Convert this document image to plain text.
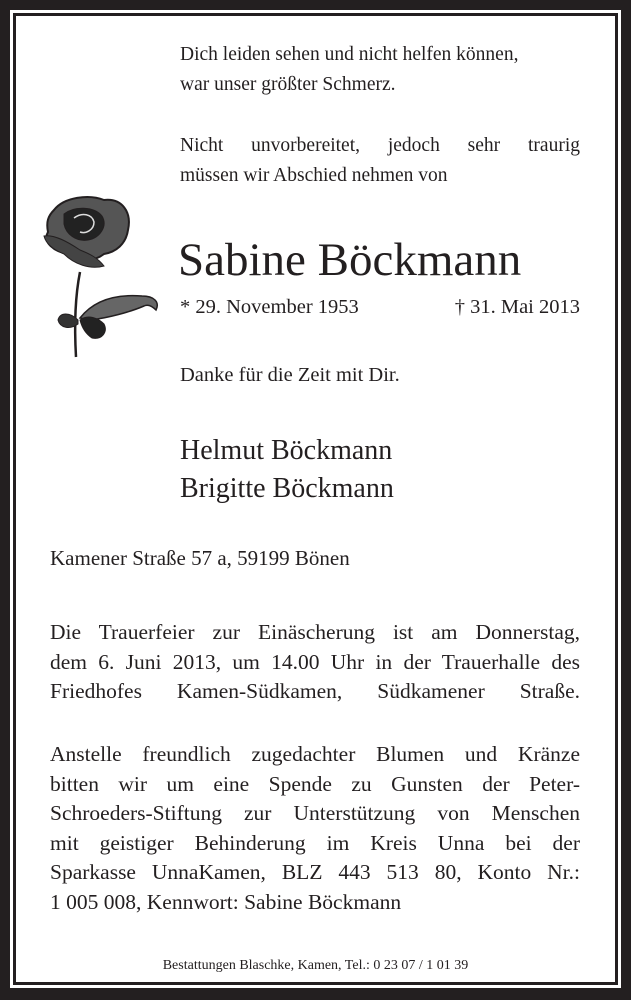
Dich leiden sehen und nicht helfen können,
war unser größter Schmerz.
Nicht unvorbereitet, jedoch sehr traurig
müssen wir Abschied nehmen von
Sabine Böckmann
* 29. November 1953	† 31. Mai 2013
Danke für die Zeit mit Dir.
Helmut Böckmann
Brigitte Böckmann
Kamener Straße 57 a, 59199 Bönen
Die Trauerfeier zur Einäscherung ist am Donnerstag,
dem 6. Juni 2013, um 14.00 Uhr in der Trauerhalle des
Friedhofes Kamen-Südkamen, Südkamener Straße.
Anstelle freundlich zugedachter Blumen und Kränze
bitten wir um eine Spende zu Gunsten der Peter-
Schroeders-Stiftung zur Unterstützung von Menschen
mit geistiger Behinderung im Kreis Unna bei der
Sparkasse UnnaKamen, BLZ 443 513 80, Konto Nr.:
1 005 008, Kennwort: Sabine Böckmann
Bestattungen Blaschke, Kamen, Tel.: 0 23 07 / 1 01 39
